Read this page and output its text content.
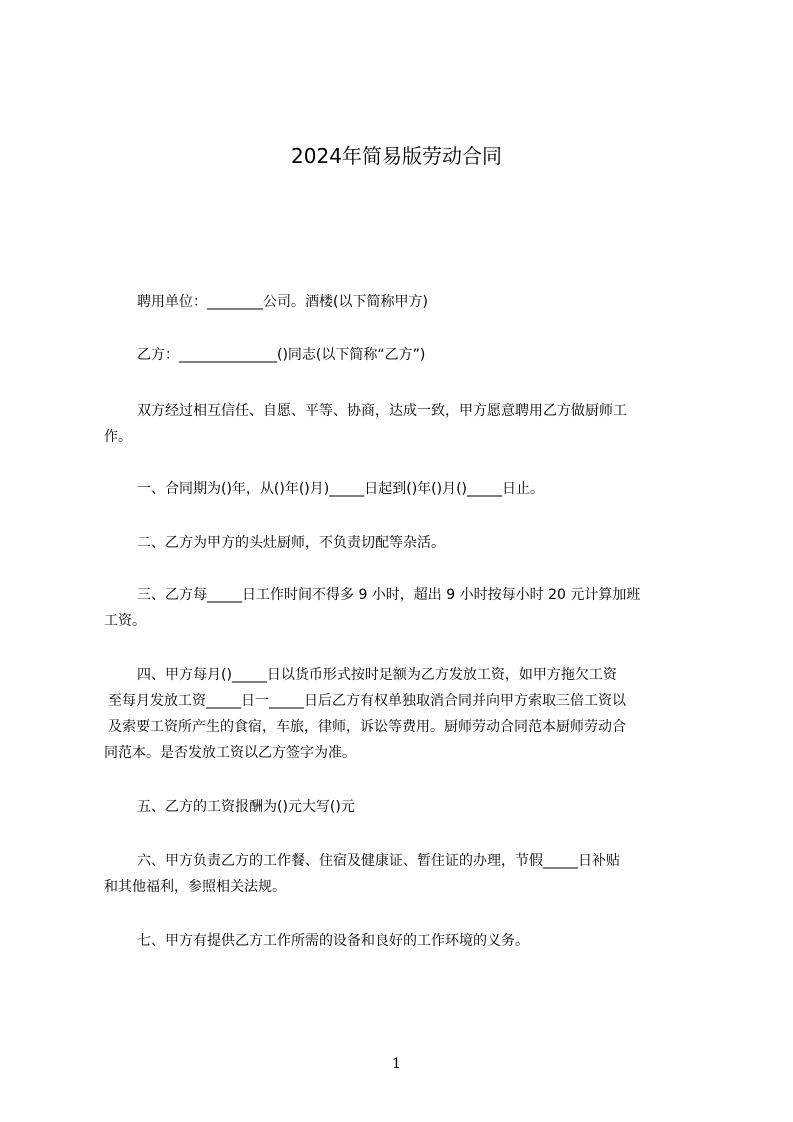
2024年简易版劳动合同

聘用单位：________公司。酒楼(以下简称甲方)

乙方：______________()同志(以下简称“乙方”)

双方经过相互信任、自愿、平等、协商，达成一致，甲方愿意聘用乙方做厨师工
作。

一、合同期为()年，从()年()月)_____日起到()年()月()_____日止。

二、乙方为甲方的头灶厨师，不负责切配等杂活。

三、乙方每_____日工作时间不得多 9 小时，超出 9 小时按每小时 20 元计算加班
工资。

四、甲方每月()_____日以货币形式按时足额为乙方发放工资，如甲方拖欠工资
至每月发放工资_____日一_____日后乙方有权单独取消合同并向甲方索取三倍工资以
及索要工资所产生的食宿，车旅，律师，诉讼等费用。厨师劳动合同范本厨师劳动合
同范本。是否发放工资以乙方签字为准。

五、乙方的工资报酬为()元大写()元

六、甲方负责乙方的工作餐、住宿及健康证、暂住证的办理，节假_____日补贴
和其他福利，参照相关法规。

七、甲方有提供乙方工作所需的设备和良好的工作环境的义务。

1
